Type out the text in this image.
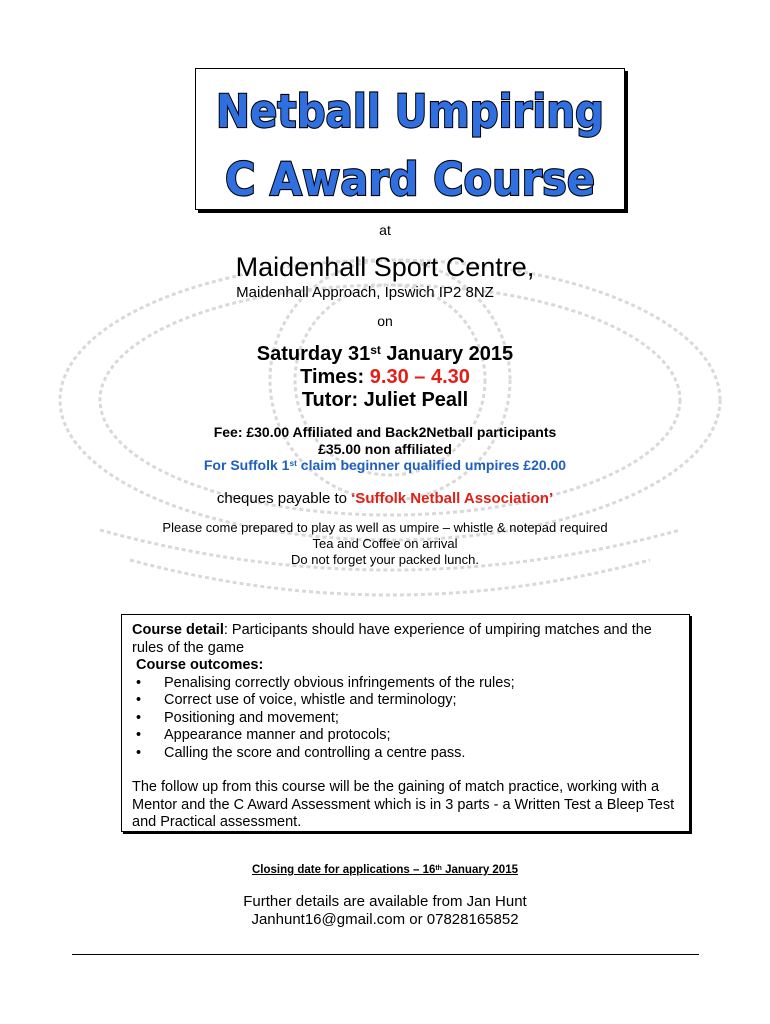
Netball Umpiring
C Award Course
at
Maidenhall Sport Centre,
Maidenhall Approach, Ipswich IP2 8NZ
on
Saturday 31st January 2015
Times: 9.30 – 4.30
Tutor: Juliet Peall
Fee: £30.00 Affiliated and Back2Netball participants
£35.00 non affiliated
For Suffolk 1st claim beginner qualified umpires £20.00
cheques payable to ‘Suffolk Netball Association’
Please come prepared to play as well as umpire – whistle & notepad required
Tea and Coffee on arrival
Do not forget your packed lunch.
Course detail: Participants should have experience of umpiring matches and the rules of the game
Course outcomes:
• Penalising correctly obvious infringements of the rules;
• Correct use of voice, whistle and terminology;
• Positioning and movement;
• Appearance manner and protocols;
• Calling the score and controlling a centre pass.
The follow up from this course will be the gaining of match practice, working with a Mentor and the C Award Assessment which is in 3 parts - a Written Test a Bleep Test and Practical assessment.
Closing date for applications – 16th January 2015
Further details are available from Jan Hunt
Janhunt16@gmail.com or 07828165852
